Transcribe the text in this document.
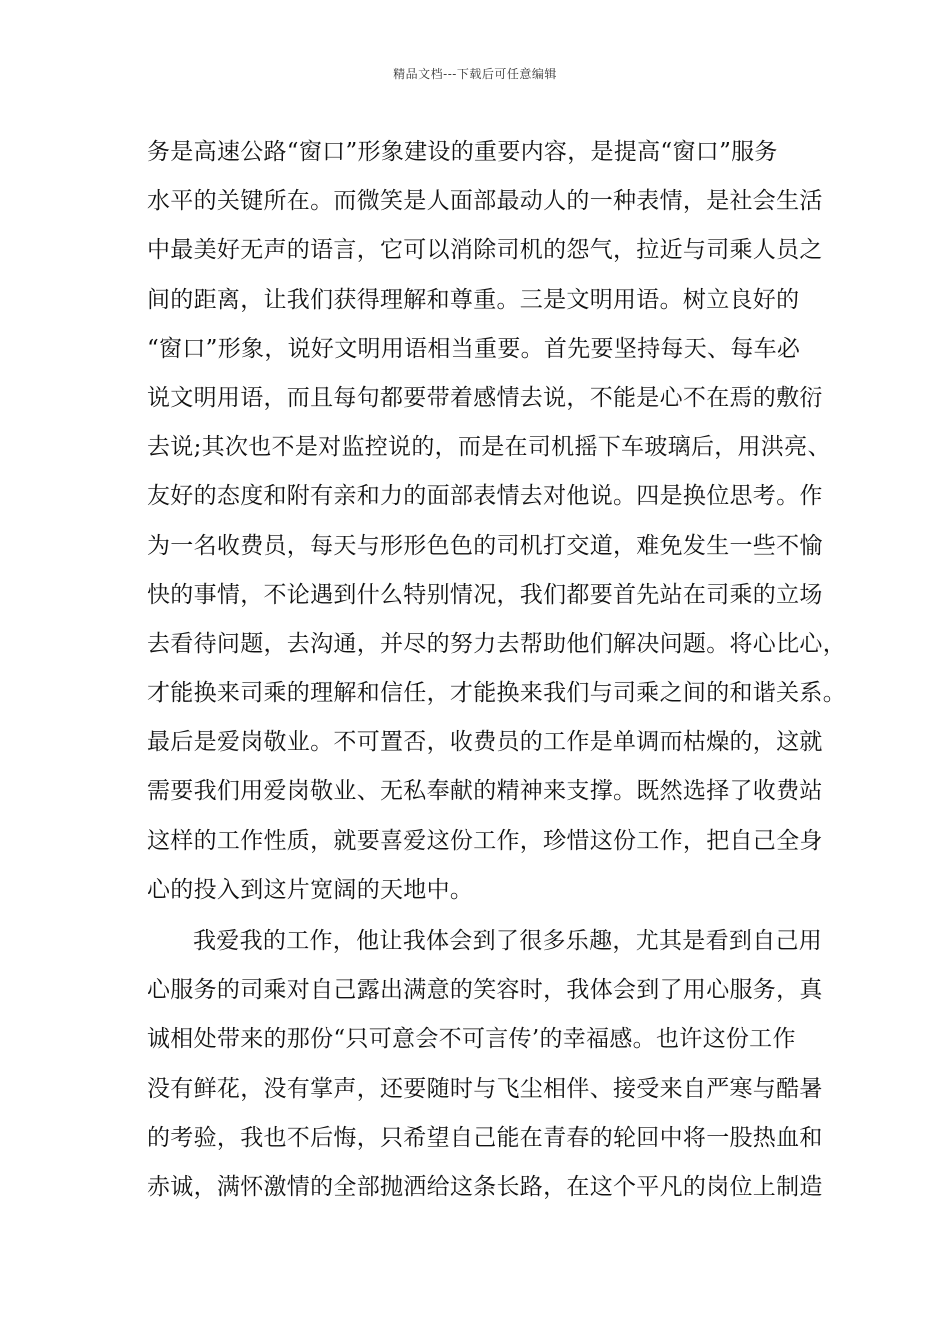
精品文档---下载后可任意编辑
务是高速公路“窗口”形象建设的重要内容，是提高“窗口”服务
水平的关键所在。而微笑是人面部最动人的一种表情，是社会生活
中最美好无声的语言，它可以消除司机的怨气，拉近与司乘人员之
间的距离，让我们获得理解和尊重。三是文明用语。树立良好的
“窗口”形象，说好文明用语相当重要。首先要坚持每天、每车必
说文明用语，而且每句都要带着感情去说，不能是心不在焉的敷衍
去说;其次也不是对监控说的，而是在司机摇下车玻璃后，用洪亮、
友好的态度和附有亲和力的面部表情去对他说。四是换位思考。作
为一名收费员，每天与形形色色的司机打交道，难免发生一些不愉
快的事情，不论遇到什么特别情况，我们都要首先站在司乘的立场
去看待问题，去沟通，并尽的努力去帮助他们解决问题。将心比心，
才能换来司乘的理解和信任，才能换来我们与司乘之间的和谐关系。
最后是爱岗敬业。不可置否，收费员的工作是单调而枯燥的，这就
需要我们用爱岗敬业、无私奉献的精神来支撑。既然选择了收费站
这样的工作性质，就要喜爱这份工作，珍惜这份工作，把自己全身
心的投入到这片宽阔的天地中。
我爱我的工作，他让我体会到了很多乐趣，尤其是看到自己用
心服务的司乘对自己露出满意的笑容时，我体会到了用心服务，真
诚相处带来的那份“只可意会不可言传’的幸福感。也许这份工作
没有鲜花，没有掌声，还要随时与飞尘相伴、接受来自严寒与酷暑
的考验，我也不后悔，只希望自己能在青春的轮回中将一股热血和
赤诚，满怀激情的全部抛洒给这条长路，在这个平凡的岗位上制造
